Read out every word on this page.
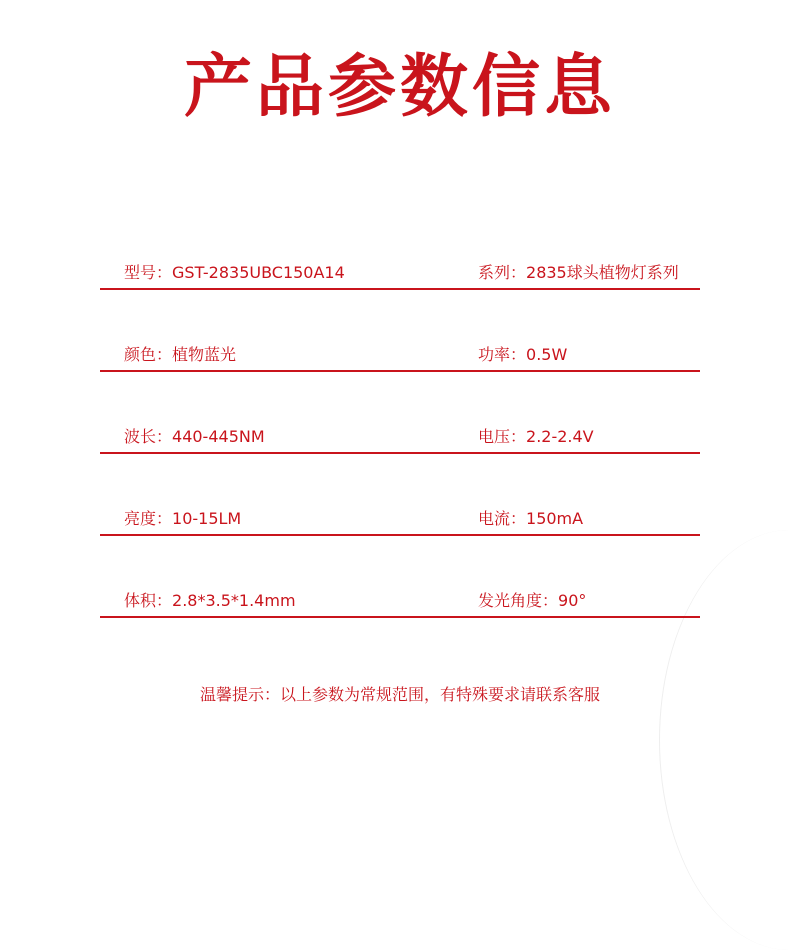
产品参数信息
型号：GST-2835UBC150A14	系列：2835球头植物灯系列
颜色：植物蓝光	功率：0.5W
波长：440-445NM	电压：2.2-2.4V
亮度：10-15LM	电流：150mA
体积：2.8*3.5*1.4mm	发光角度：90°
温馨提示：以上参数为常规范围，有特殊要求请联系客服
